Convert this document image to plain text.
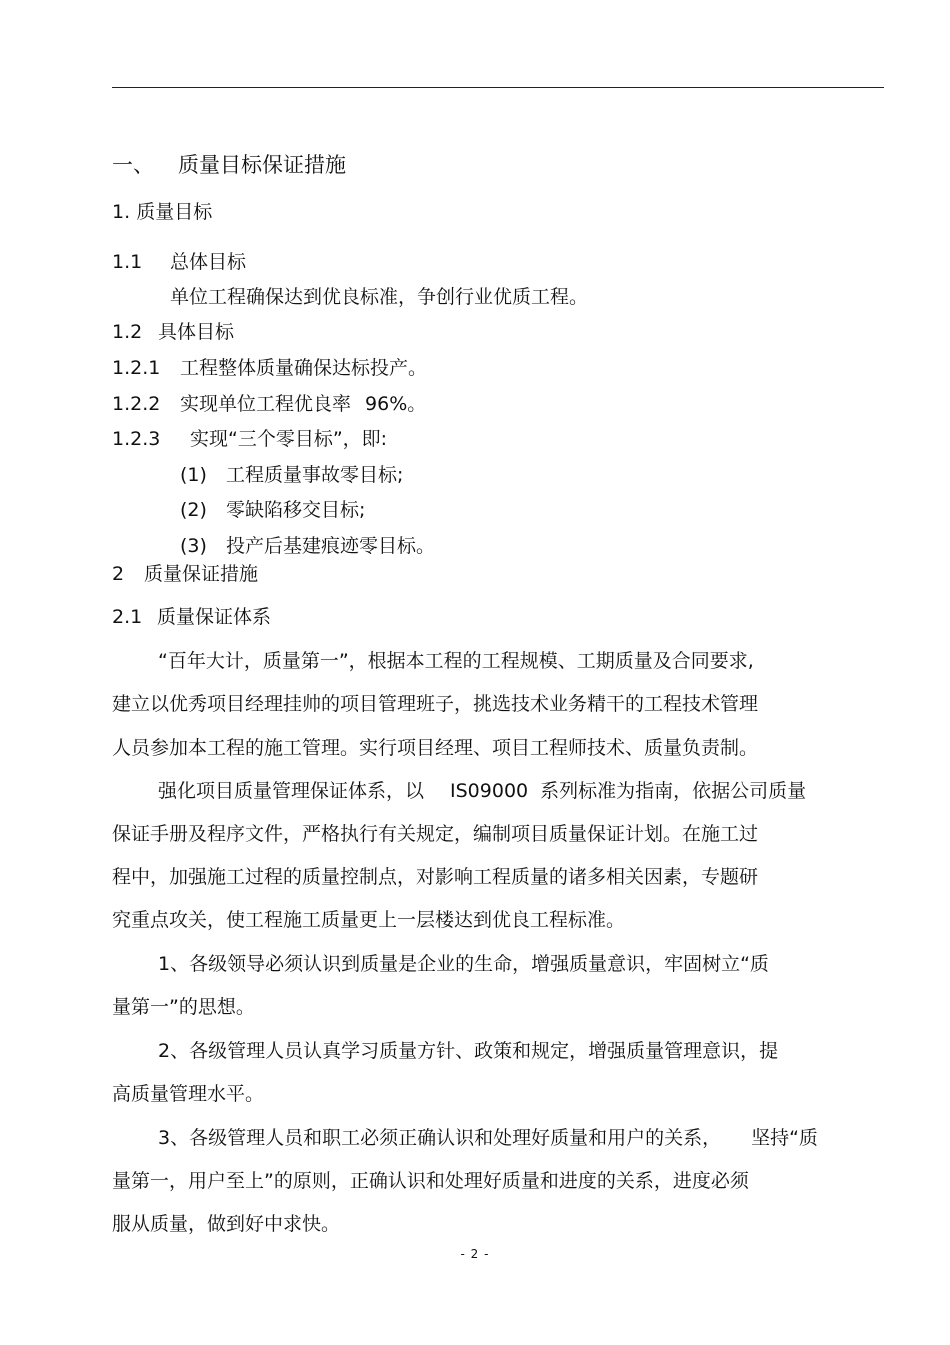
一、 质量目标保证措施
1. 质量目标
1.1 总体目标
单位工程确保达到优良标准，争创行业优质工程。
1.2 具体目标
1.2.1 工程整体质量确保达标投产。
1.2.2 实现单位工程优良率 96%。
1.2.3 实现“三个零目标”，即:
(1) 工程质量事故零目标;
(2) 零缺陷移交目标;
(3) 投产后基建痕迹零目标。
2 质量保证措施
2.1 质量保证体系
“百年大计，质量第一”，根据本工程的工程规模、工期质量及合同要求,
建立以优秀项目经理挂帅的项目管理班子，挑选技术业务精干的工程技术管理
人员参加本工程的施工管理。实行项目经理、项目工程师技术、质量负责制。
强化项目质量管理保证体系，以 IS09000 系列标准为指南，依据公司质量
保证手册及程序文件，严格执行有关规定，编制项目质量保证计划。在施工过
程中，加强施工过程的质量控制点，对影响工程质量的诸多相关因素，专题研
究重点攻关，使工程施工质量更上一层楼达到优良工程标准。
1、各级领导必须认识到质量是企业的生命，增强质量意识，牢固树立“质
量第一”的思想。
2、各级管理人员认真学习质量方针、政策和规定，增强质量管理意识，提
高质量管理水平。
3、各级管理人员和职工必须正确认识和处理好质量和用户的关系， 坚持“质
量第一，用户至上”的原则，正确认识和处理好质量和进度的关系，进度必须
服从质量，做到好中求快。
- 2 -
